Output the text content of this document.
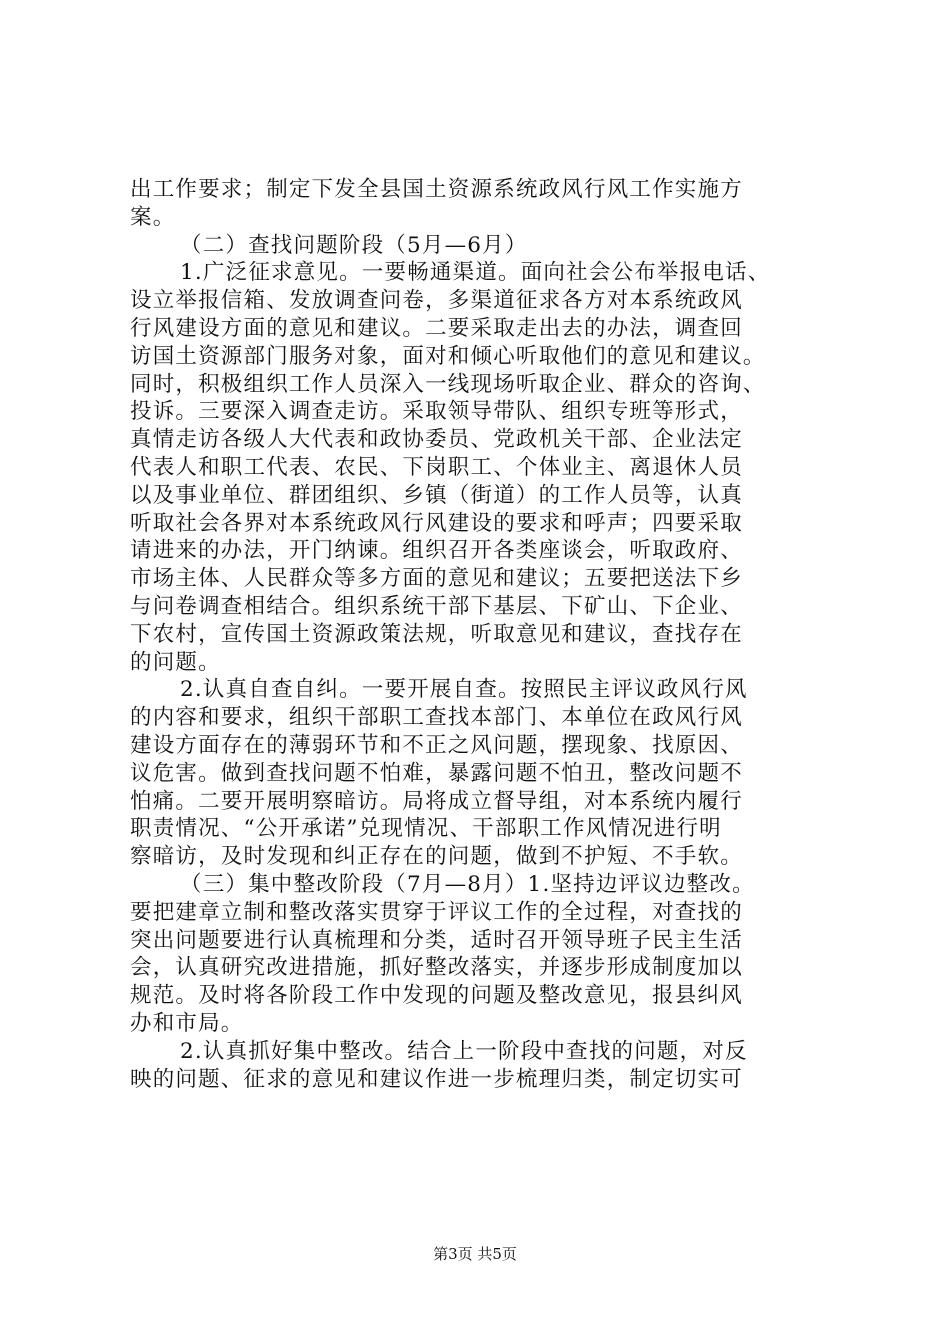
出工作要求；制定下发全县国土资源系统政风行风工作实施方
案。
（二）查找问题阶段（5月—6月）
1.广泛征求意见。一要畅通渠道。面向社会公布举报电话、
设立举报信箱、发放调查问卷，多渠道征求各方对本系统政风
行风建设方面的意见和建议。二要采取走出去的办法，调查回
访国土资源部门服务对象，面对和倾心听取他们的意见和建议。
同时，积极组织工作人员深入一线现场听取企业、群众的咨询、
投诉。三要深入调查走访。采取领导带队、组织专班等形式，
真情走访各级人大代表和政协委员、党政机关干部、企业法定
代表人和职工代表、农民、下岗职工、个体业主、离退休人员
以及事业单位、群团组织、乡镇（街道）的工作人员等，认真
听取社会各界对本系统政风行风建设的要求和呼声；四要采取
请进来的办法，开门纳谏。组织召开各类座谈会，听取政府、
市场主体、人民群众等多方面的意见和建议；五要把送法下乡
与问卷调查相结合。组织系统干部下基层、下矿山、下企业、
下农村，宣传国土资源政策法规，听取意见和建议，查找存在
的问题。
2.认真自查自纠。一要开展自查。按照民主评议政风行风
的内容和要求，组织干部职工查找本部门、本单位在政风行风
建设方面存在的薄弱环节和不正之风问题，摆现象、找原因、
议危害。做到查找问题不怕难，暴露问题不怕丑，整改问题不
怕痛。二要开展明察暗访。局将成立督导组，对本系统内履行
职责情况、“公开承诺”兑现情况、干部职工作风情况进行明
察暗访，及时发现和纠正存在的问题，做到不护短、不手软。
（三）集中整改阶段（7月—8月）1.坚持边评议边整改。
要把建章立制和整改落实贯穿于评议工作的全过程，对查找的
突出问题要进行认真梳理和分类，适时召开领导班子民主生活
会，认真研究改进措施，抓好整改落实，并逐步形成制度加以
规范。及时将各阶段工作中发现的问题及整改意见，报县纠风
办和市局。
2.认真抓好集中整改。结合上一阶段中查找的问题，对反
映的问题、征求的意见和建议作进一步梳理归类，制定切实可
第3页 共5页
